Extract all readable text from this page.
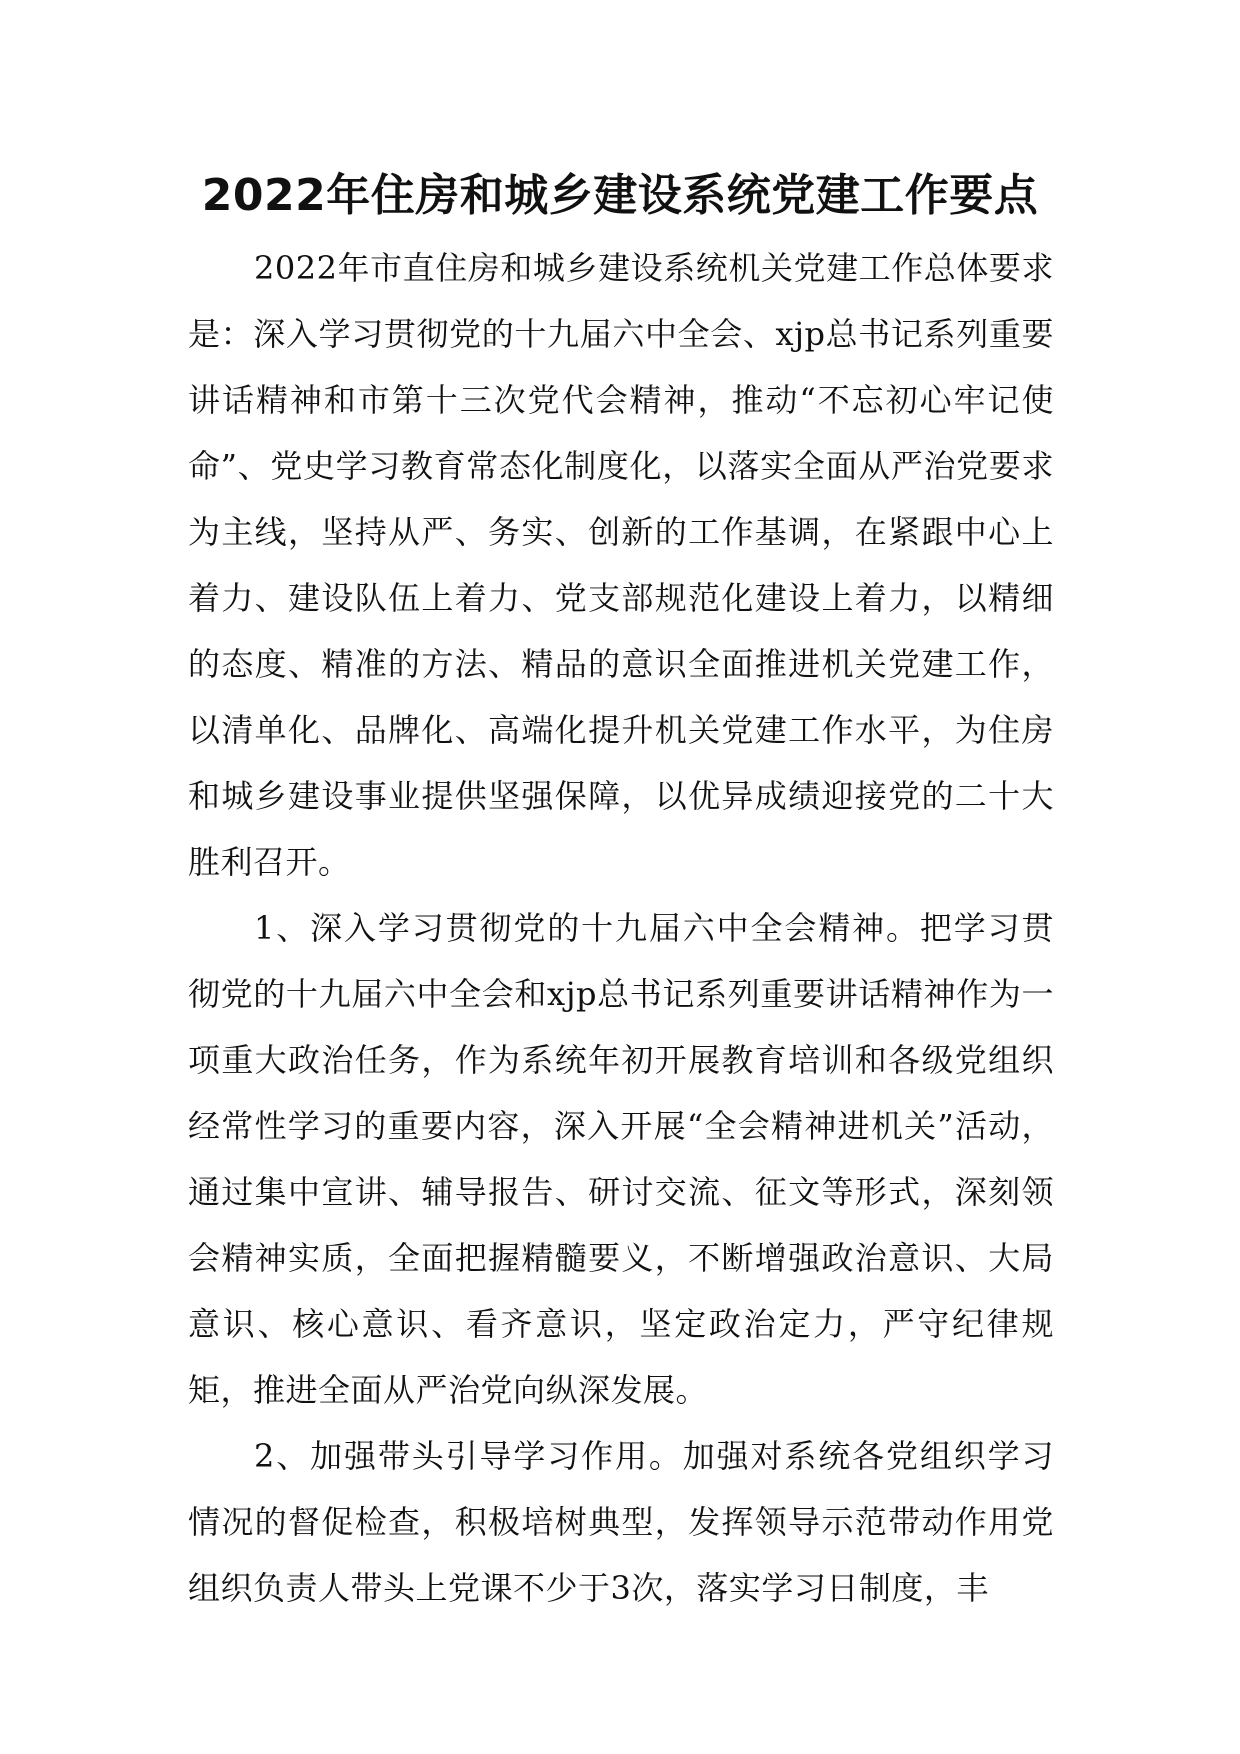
2022年住房和城乡建设系统党建工作要点

2022年市直住房和城乡建设系统机关党建工作总体要求是：深入学习贯彻党的十九届六中全会、xjp总书记系列重要讲话精神和市第十三次党代会精神，推动“不忘初心牢记使命”、党史学习教育常态化制度化，以落实全面从严治党要求为主线，坚持从严、务实、创新的工作基调，在紧跟中心上着力、建设队伍上着力、党支部规范化建设上着力，以精细的态度、精准的方法、精品的意识全面推进机关党建工作，以清单化、品牌化、高端化提升机关党建工作水平，为住房和城乡建设事业提供坚强保障，以优异成绩迎接党的二十大胜利召开。

1、深入学习贯彻党的十九届六中全会精神。把学习贯彻党的十九届六中全会和xjp总书记系列重要讲话精神作为一项重大政治任务，作为系统年初开展教育培训和各级党组织经常性学习的重要内容，深入开展“全会精神进机关”活动，通过集中宣讲、辅导报告、研讨交流、征文等形式，深刻领会精神实质，全面把握精髓要义，不断增强政治意识、大局意识、核心意识、看齐意识，坚定政治定力，严守纪律规矩，推进全面从严治党向纵深发展。

2、加强带头引导学习作用。加强对系统各党组织学习情况的督促检查，积极培树典型，发挥领导示范带动作用党组织负责人带头上党课不少于3次，落实学习日制度，丰
